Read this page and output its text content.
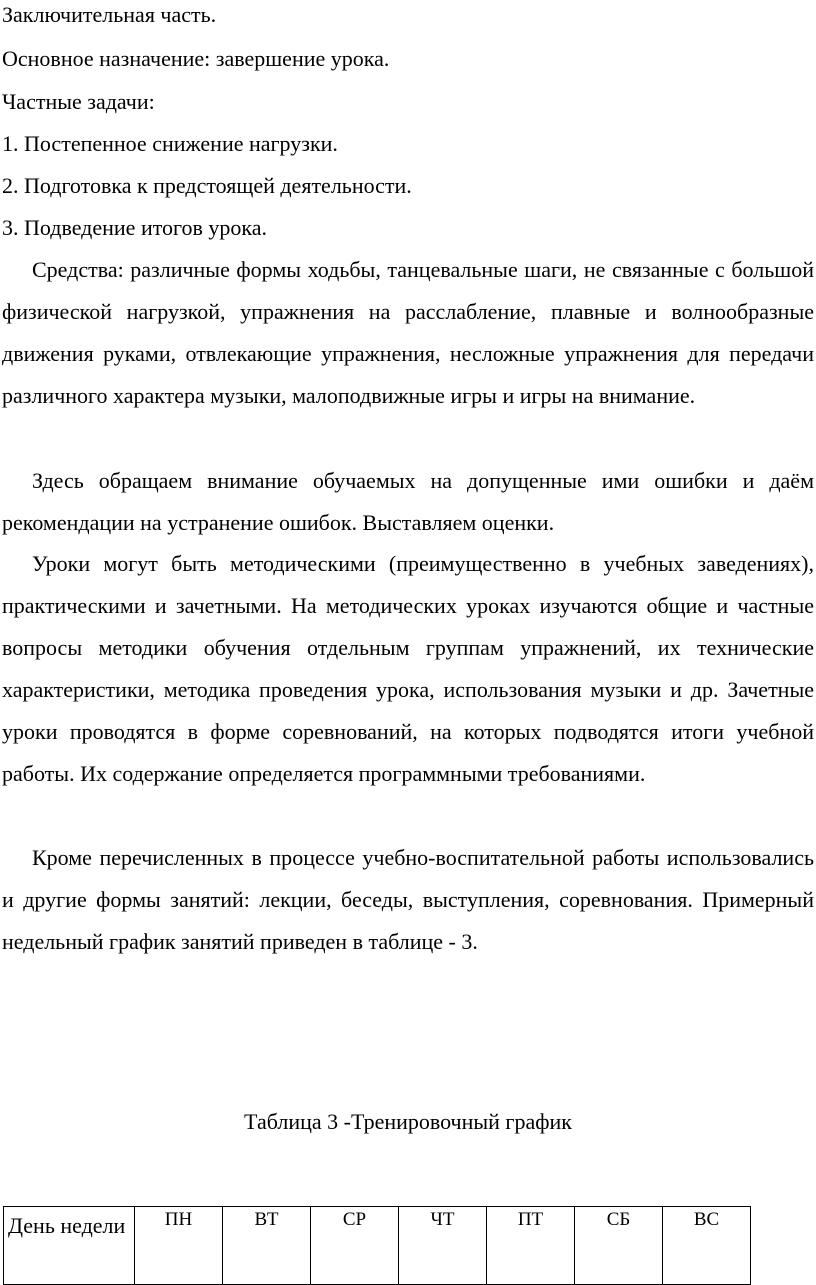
Заключительная часть.
Основное назначение: завершение урока.
Частные задачи:
1. Постепенное снижение нагрузки.
2. Подготовка к предстоящей деятельности.
3. Подведение итогов урока.
Средства: различные формы ходьбы, танцевальные шаги, не связанные с большой физической нагрузкой, упражнения на расслабление, плавные и волнообразные движения руками, отвлекающие упражнения, несложные упражнения для передачи различного характера музыки, малоподвижные игры и игры на внимание.
Здесь обращаем внимание обучаемых на допущенные ими ошибки и даём рекомендации на устранение ошибок. Выставляем оценки.
Уроки могут быть методическими (преимущественно в учебных заведениях), практическими и зачетными. На методических уроках изучаются общие и частные вопросы методики обучения отдельным группам упражнений, их технические характеристики, методика проведения урока, использования музыки и др. Зачетные уроки проводятся в форме соревнований, на которых подводятся итоги учебной работы. Их содержание определяется программными требованиями.
Кроме перечисленных в процессе учебно-воспитательной работы использовались и другие формы занятий: лекции, беседы, выступления, соревнования. Примерный недельный график занятий приведен в таблице - 3.
Таблица 3 -Тренировочный график
День недели	ПН	ВТ	СР	ЧТ	ПТ	СБ	ВС
